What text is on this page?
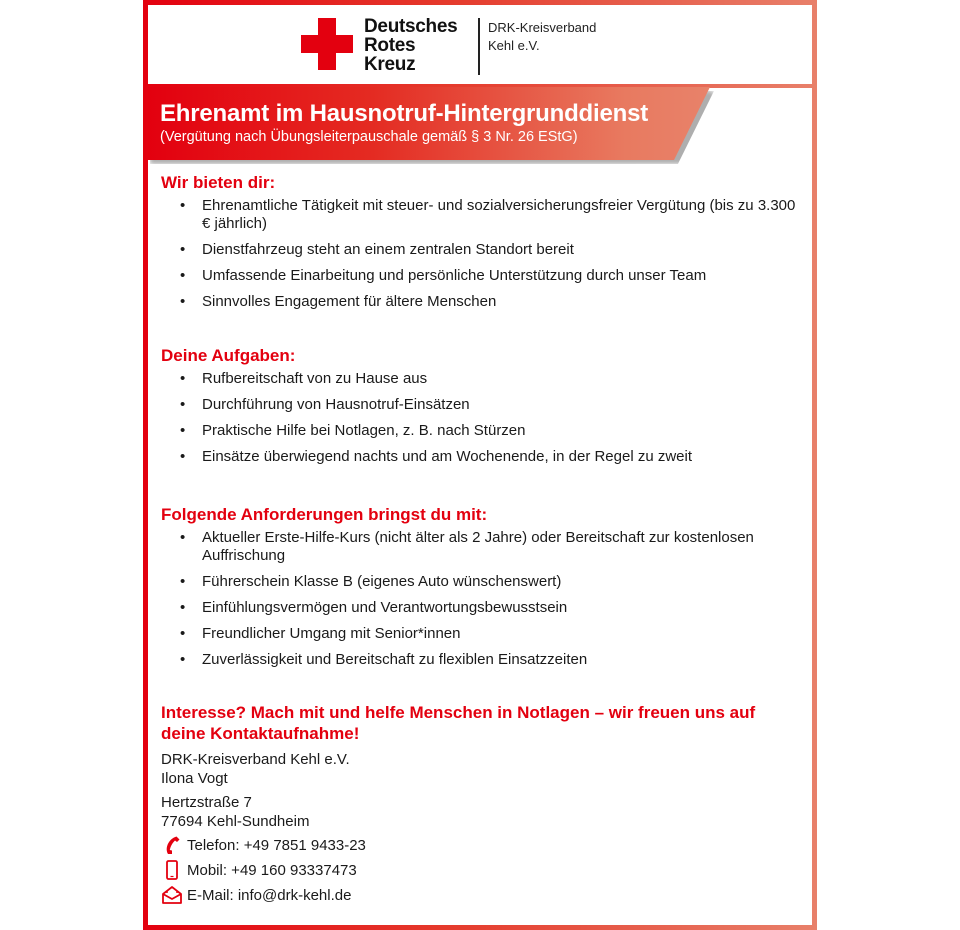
Deutsches
Rotes
Kreuz
DRK-Kreisverband
Kehl e.V.
Ehrenamt im Hausnotruf-Hintergrunddienst
(Vergütung nach Übungsleiterpauschale gemäß § 3 Nr. 26 EStG)
Wir bieten dir:
• Ehrenamtliche Tätigkeit mit steuer- und sozialversicherungsfreier Vergütung (bis zu 3.300 € jährlich)
• Dienstfahrzeug steht an einem zentralen Standort bereit
• Umfassende Einarbeitung und persönliche Unterstützung durch unser Team
• Sinnvolles Engagement für ältere Menschen
Deine Aufgaben:
• Rufbereitschaft von zu Hause aus
• Durchführung von Hausnotruf-Einsätzen
• Praktische Hilfe bei Notlagen, z. B. nach Stürzen
• Einsätze überwiegend nachts und am Wochenende, in der Regel zu zweit
Folgende Anforderungen bringst du mit:
• Aktueller Erste-Hilfe-Kurs (nicht älter als 2 Jahre) oder Bereitschaft zur kostenlosen Auffrischung
• Führerschein Klasse B (eigenes Auto wünschenswert)
• Einfühlungsvermögen und Verantwortungsbewusstsein
• Freundlicher Umgang mit Senior*innen
• Zuverlässigkeit und Bereitschaft zu flexiblen Einsatzzeiten
Interesse? Mach mit und helfe Menschen in Notlagen – wir freuen uns auf deine Kontaktaufnahme!
DRK-Kreisverband Kehl e.V.
Ilona Vogt
Hertzstraße 7
77694 Kehl-Sundheim
Telefon: +49 7851 9433-23
Mobil: +49 160 93337473
E-Mail: info@drk-kehl.de
